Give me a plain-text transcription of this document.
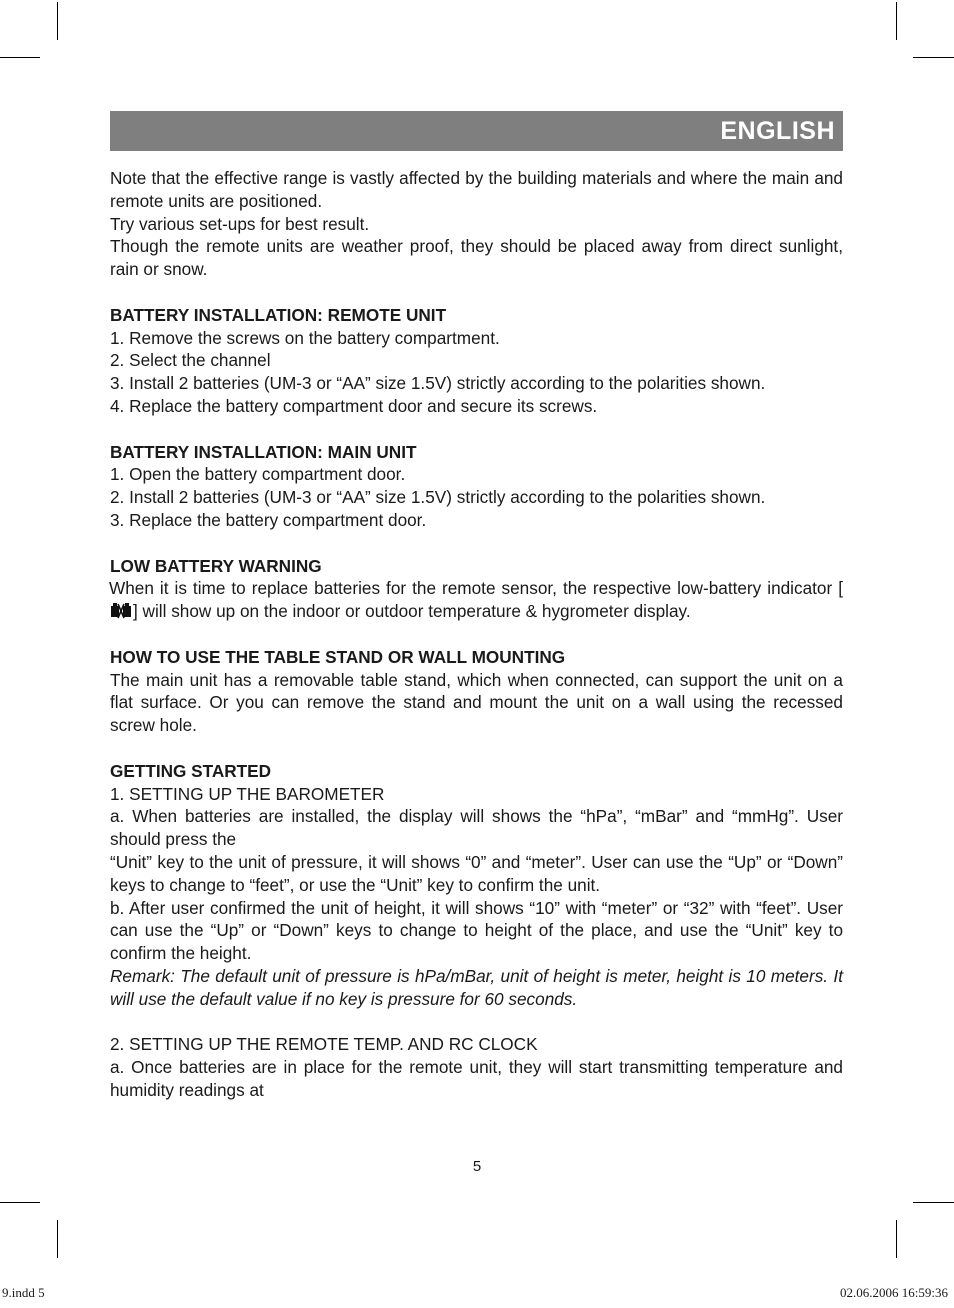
ENGLISH

Note that the effective range is vastly affected by the building materials and where the main and remote units are positioned.

Try various set-ups for best result.

Though the remote units are weather proof, they should be placed away from direct sunlight, rain or snow.

BATTERY INSTALLATION: REMOTE UNIT

1. Remove the screws on the battery compartment.

2. Select the channel

3. Install 2 batteries (UM-3 or “AA” size 1.5V) strictly according to the polarities shown.

4. Replace the battery compartment door and secure its screws.

BATTERY INSTALLATION: MAIN UNIT

1. Open the battery compartment door.

2. Install 2 batteries (UM-3 or “AA” size 1.5V) strictly according to the polarities shown.

3. Replace the battery compartment door.

LOW BATTERY WARNING

When it is time to replace batteries for the remote sensor, the respective low-battery indicator [] will show up on the indoor or outdoor temperature & hygrometer display.

HOW TO USE THE TABLE STAND OR WALL MOUNTING

The main unit has a removable table stand, which when connected, can support the unit on a flat surface. Or you can remove the stand and mount the unit on a wall using the recessed screw hole.

GETTING STARTED

1. SETTING UP THE BAROMETER

a. When batteries are installed, the display will shows the “hPa”, “mBar” and “mmHg”. User should press the

“Unit” key to the unit of pressure, it will shows “0” and “meter”. User can use the “Up” or “Down” keys to change to “feet”, or use the “Unit” key to confirm the unit.

b. After user confirmed the unit of height, it will shows “10” with “meter” or “32” with “feet”. User can use the “Up” or “Down” keys to change to height of the place, and use the “Unit” key to confirm the height.

Remark: The default unit of pressure is hPa/mBar, unit of height is meter, height is 10 meters. It will use the default value if no key is pressure for 60 seconds.

2. SETTING UP THE REMOTE TEMP. AND RC CLOCK

a. Once batteries are in place for the remote unit, they will start transmitting temperature and humidity readings at

5
9.indd 5	02.06.2006 16:59:36
